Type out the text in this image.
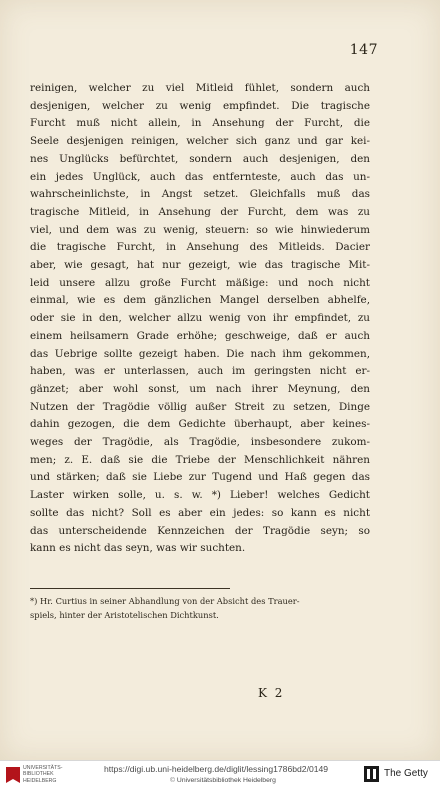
147
reinigen, welcher zu viel Mitleid fühlet, sondern auch
desjenigen, welcher zu wenig empfindet. Die tragische
Furcht muß nicht allein, in Ansehung der Furcht, die
Seele desjenigen reinigen, welcher sich ganz und gar kei-
nes Unglücks befürchtet, sondern auch desjenigen, den
ein jedes Unglück, auch das entfernteste, auch das un-
wahrscheinlichste, in Angst setzet. Gleichfalls muß das
tragische Mitleid, in Ansehung der Furcht, dem was zu
viel, und dem was zu wenig, steuern: so wie hinwiederum
die tragische Furcht, in Ansehung des Mitleids. Dacier
aber, wie gesagt, hat nur gezeigt, wie das tragische Mit-
leid unsere allzu große Furcht mäßige: und noch nicht
einmal, wie es dem gänzlichen Mangel derselben abhelfe,
oder sie in den, welcher allzu wenig von ihr empfindet, zu
einem heilsamern Grade erhöhe; geschweige, daß er auch
das Uebrige sollte gezeigt haben. Die nach ihm gekommen,
haben, was er unterlassen, auch im geringsten nicht er-
gänzet; aber wohl sonst, um nach ihrer Meynung, den
Nutzen der Tragödie völlig außer Streit zu setzen, Dinge
dahin gezogen, die dem Gedichte überhaupt, aber keines-
weges der Tragödie, als Tragödie, insbesondere zukom-
men; z. E. daß sie die Triebe der Menschlichkeit nähren
und stärken; daß sie Liebe zur Tugend und Haß gegen das
Laster wirken solle, u. s. w. *) Lieber! welches Gedicht
sollte das nicht? Soll es aber ein jedes: so kann es nicht
das unterscheidende Kennzeichen der Tragödie seyn; so
kann es nicht das seyn, was wir suchten.
*) Hr. Curtius in seiner Abhandlung von der Absicht des Trauer-
spiels, hinter der Aristotelischen Dichtkunst.
K 2
UNIVERSITÄTS-
BIBLIOTHEK
HEIDELBERG
https://digi.ub.uni-heidelberg.de/diglit/lessing1786bd2/0149
© Universitätsbibliothek Heidelberg
The Getty
